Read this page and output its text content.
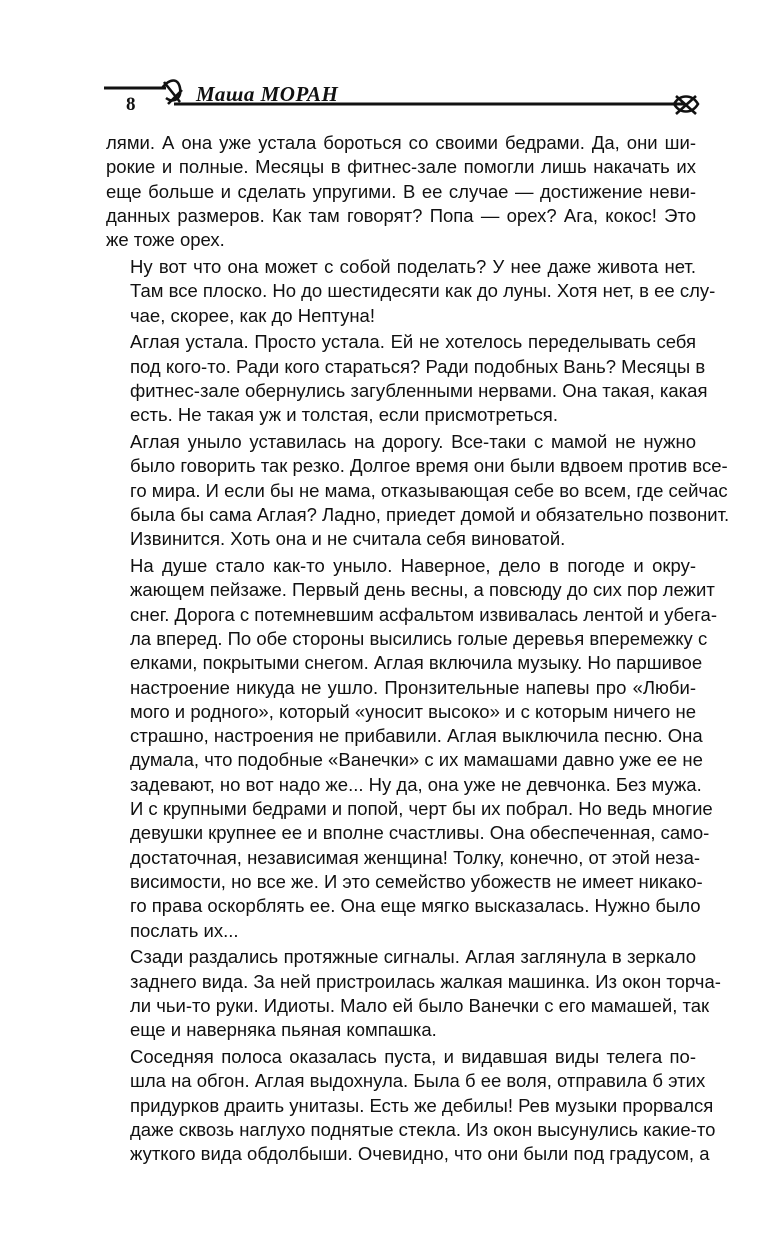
8	Маша МОРАН

лями. А она уже устала бороться со своими бедрами. Да, они ши-
рокие и полные. Месяцы в фитнес-зале помогли лишь накачать их
еще больше и сделать упругими. В ее случае — достижение неви-
данных размеров. Как там говорят? Попа — орех? Ага, кокос! Это
же тоже орех.

Ну вот что она может с собой поделать? У нее даже живота нет.
Там все плоско. Но до шестидесяти как до луны. Хотя нет, в ее слу-
чае, скорее, как до Нептуна!

Аглая устала. Просто устала. Ей не хотелось переделывать себя
под кого-то. Ради кого стараться? Ради подобных Вань? Месяцы в
фитнес-зале обернулись загубленными нервами. Она такая, какая
есть. Не такая уж и толстая, если присмотреться.

Аглая уныло уставилась на дорогу. Все-таки с мамой не нужно
было говорить так резко. Долгое время они были вдвоем против все-
го мира. И если бы не мама, отказывающая себе во всем, где сейчас
была бы сама Аглая? Ладно, приедет домой и обязательно позвонит.
Извинится. Хоть она и не считала себя виноватой.

На душе стало как-то уныло. Наверное, дело в погоде и окру-
жающем пейзаже. Первый день весны, а повсюду до сих пор лежит
снег. Дорога с потемневшим асфальтом извивалась лентой и убега-
ла вперед. По обе стороны высились голые деревья вперемежку с
елками, покрытыми снегом. Аглая включила музыку. Но паршивое
настроение никуда не ушло. Пронзительные напевы про «Люби-
мого и родного», который «уносит высоко» и с которым ничего не
страшно, настроения не прибавили. Аглая выключила песню. Она
думала, что подобные «Ванечки» с их мамашами давно уже ее не
задевают, но вот надо же... Ну да, она уже не девчонка. Без мужа.
И с крупными бедрами и попой, черт бы их побрал. Но ведь многие
девушки крупнее ее и вполне счастливы. Она обеспеченная, само-
достаточная, независимая женщина! Толку, конечно, от этой неза-
висимости, но все же. И это семейство убожеств не имеет никако-
го права оскорблять ее. Она еще мягко высказалась. Нужно было
послать их...

Сзади раздались протяжные сигналы. Аглая заглянула в зеркало
заднего вида. За ней пристроилась жалкая машинка. Из окон торча-
ли чьи-то руки. Идиоты. Мало ей было Ванечки с его мамашей, так
еще и наверняка пьяная компашка.

Соседняя полоса оказалась пуста, и видавшая виды телега по-
шла на обгон. Аглая выдохнула. Была б ее воля, отправила б этих
придурков драить унитазы. Есть же дебилы! Рев музыки прорвался
даже сквозь наглухо поднятые стекла. Из окон высунулись какие-то
жуткого вида обдолбыши. Очевидно, что они были под градусом, а
